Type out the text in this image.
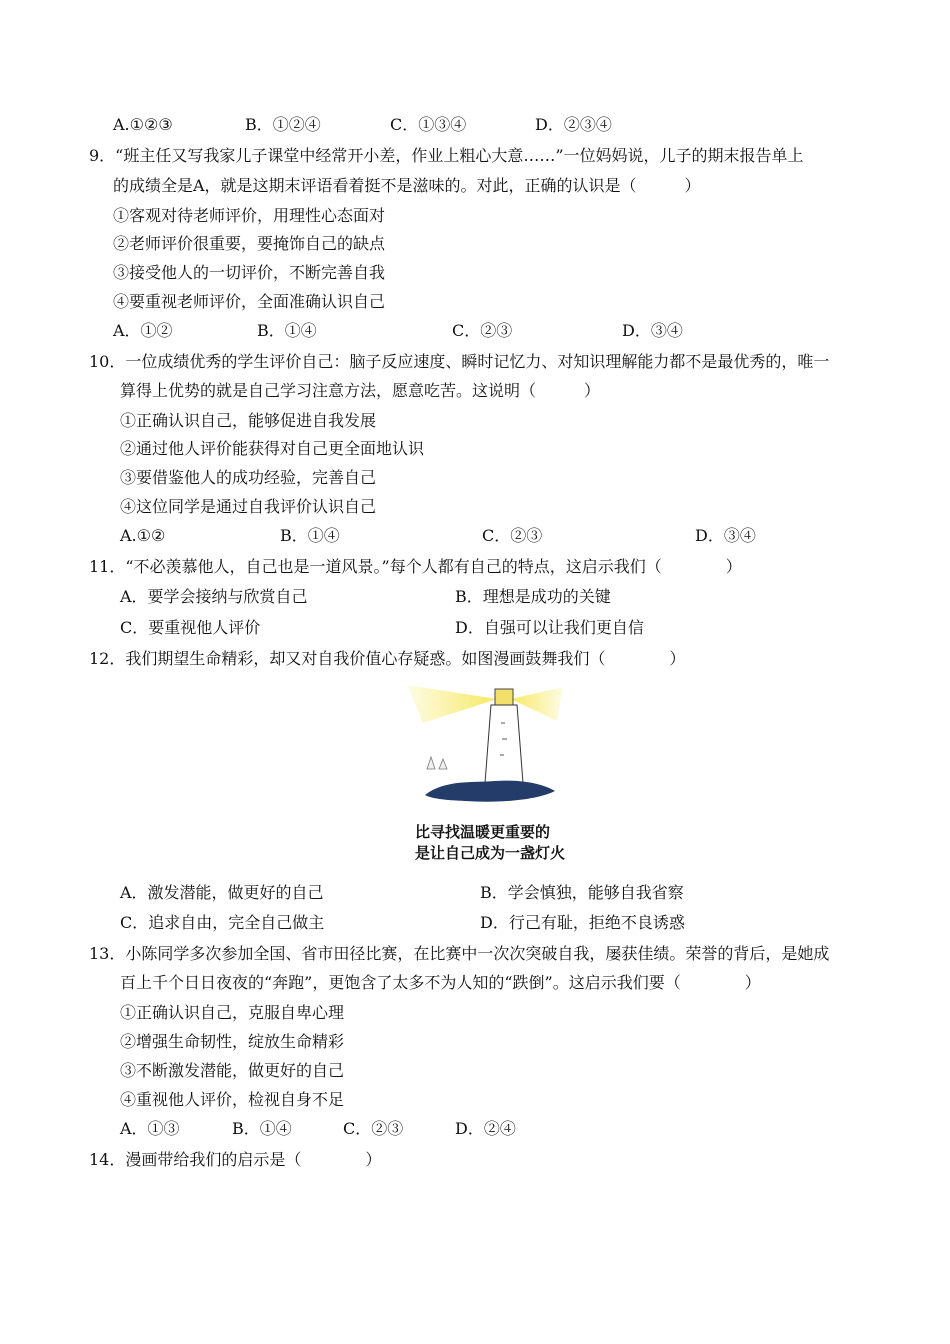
A.①②③	B．①②④	C．①③④	D．②③④
9．“班主任又写我家儿子课堂中经常开小差，作业上粗心大意……”一位妈妈说，儿子的期末报告单上
的成绩全是A，就是这期末评语看着挺不是滋味的。对此，正确的认识是（　　　）
①客观对待老师评价，用理性心态面对
②老师评价很重要，要掩饰自己的缺点
③接受他人的一切评价，不断完善自我
④要重视老师评价，全面准确认识自己
A．①②	B．①④	C．②③	D．③④
10．一位成绩优秀的学生评价自己：脑子反应速度、瞬时记忆力、对知识理解能力都不是最优秀的，唯一
算得上优势的就是自己学习注意方法，愿意吃苦。这说明（　　　）
①正确认识自己，能够促进自我发展
②通过他人评价能获得对自己更全面地认识
③要借鉴他人的成功经验，完善自己
④这位同学是通过自我评价认识自己
A.①②	B．①④	C．②③	D．③④
11．“不必羡慕他人，自己也是一道风景。”每个人都有自己的特点，这启示我们（　　　　）
A．要学会接纳与欣赏自己	B．理想是成功的关键
C．要重视他人评价	D．自强可以让我们更自信
12．我们期望生命精彩，却又对自我价值心存疑惑。如图漫画鼓舞我们（　　　　）
比寻找温暖更重要的
是让自己成为一盏灯火
A．激发潜能，做更好的自己	B．学会慎独，能够自我省察
C．追求自由，完全自己做主	D．行己有耻，拒绝不良诱惑
13．小陈同学多次参加全国、省市田径比赛，在比赛中一次次突破自我，屡获佳绩。荣誉的背后，是她成
百上千个日日夜夜的“奔跑”，更饱含了太多不为人知的“跌倒”。这启示我们要（　　　　）
①正确认识自己，克服自卑心理
②增强生命韧性，绽放生命精彩
③不断激发潜能，做更好的自己
④重视他人评价，检视自身不足
A．①③	B．①④	C．②③	D．②④
14．漫画带给我们的启示是（　　　　）
